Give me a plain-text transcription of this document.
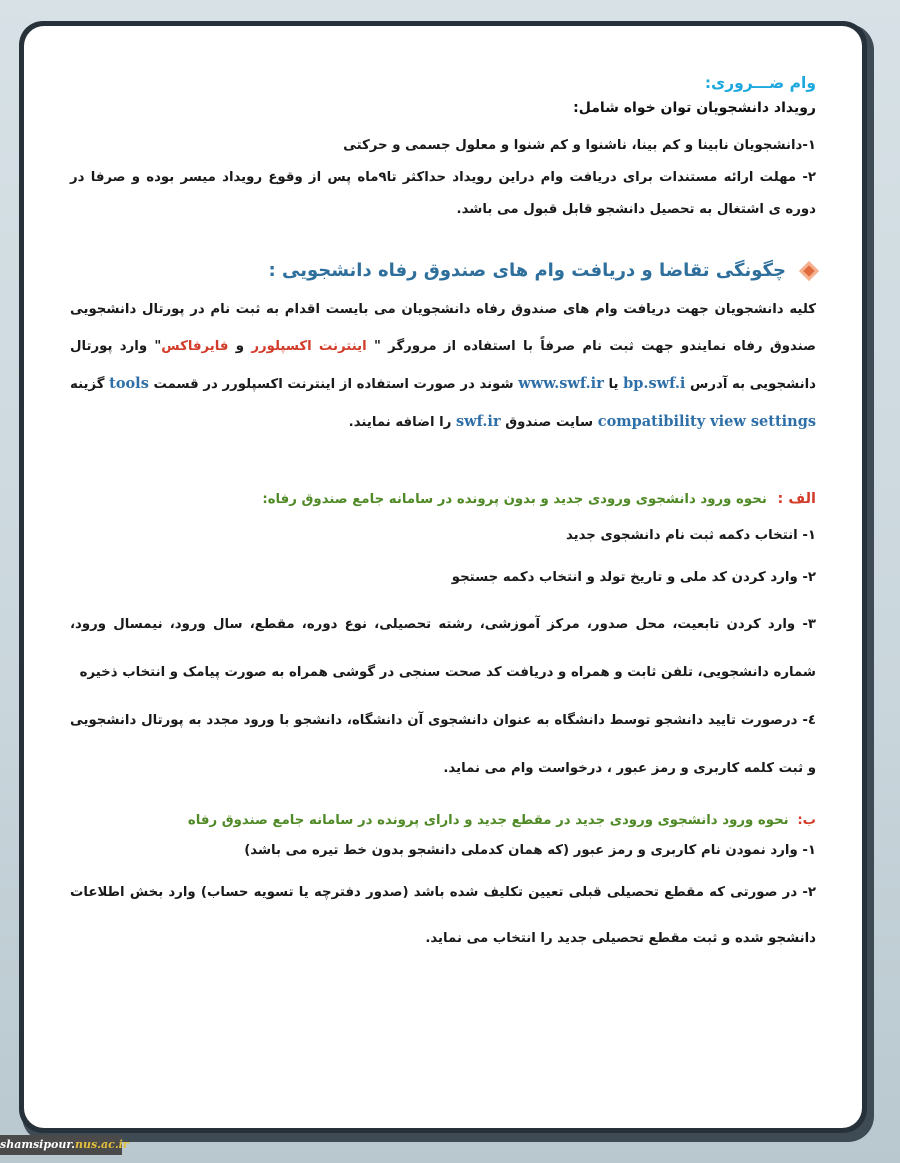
وام ضـــروری:
رویداد دانشجویان توان خواه شامل:

۱-دانشجویان نابینا و کم بینا، ناشنوا و کم شنوا و معلول جسمی و حرکتی

۲- مهلت ارائه مستندات برای دریافت وام دراین رویداد حداکثر تا۹ماه پس از وقوع رویداد میسر بوده و صرفا در دوره ی اشتغال به تحصیل دانشجو قابل قبول می باشد.

چگونگی تقاضا و دریافت وام های صندوق رفاه دانشجویی :

کلیه دانشجویان جهت دریافت وام های صندوق رفاه دانشجویان می بایست اقدام به ثبت نام در پورتال دانشجویی صندوق رفاه نمایندو جهت ثبت نام صرفاً با استفاده از مرورگر " اینترنت اکسپلورر و فایرفاکس" وارد پورتال دانشجویی به آدرس bp.swf.i یا www.swf.ir شوند در صورت استفاده از اینترنت اکسپلورر در قسمت tools گزینه compatibility view settings سایت صندوق swf.ir را اضافه نمایند.

الف : نحوه ورود دانشجوی ورودی جدید و بدون پرونده در سامانه جامع صندوق رفاه:

۱- انتخاب دکمه ثبت نام دانشجوی جدید

۲- وارد کردن کد ملی و تاریخ تولد و انتخاب دکمه جستجو

۳- وارد کردن تابعیت، محل صدور، مرکز آموزشی، رشته تحصیلی، نوع دوره، مقطع، سال ورود، نیمسال ورود، شماره دانشجویی، تلفن ثابت و همراه و دریافت کد صحت سنجی در گوشی همراه به صورت پیامک و انتخاب ذخیره

٤- درصورت تایید دانشجو توسط دانشگاه به عنوان دانشجوی آن دانشگاه، دانشجو با ورود مجدد به پورتال دانشجویی و ثبت کلمه کاربری و رمز عبور ، درخواست وام می نماید.

ب: نحوه ورود دانشجوی ورودی جدید در مقطع جدید و دارای پرونده در سامانه جامع صندوق رفاه

۱- وارد نمودن نام کاربری و رمز عبور (که همان کدملی دانشجو بدون خط تیره می باشد)

۲- در صورتی که مقطع تحصیلی قبلی تعیین تکلیف شده باشد (صدور دفترچه یا تسویه حساب) وارد بخش اطلاعات دانشجو شده و ثبت مقطع تحصیلی جدید را انتخاب می نماید.

shamsipour.nus.ac.ir
